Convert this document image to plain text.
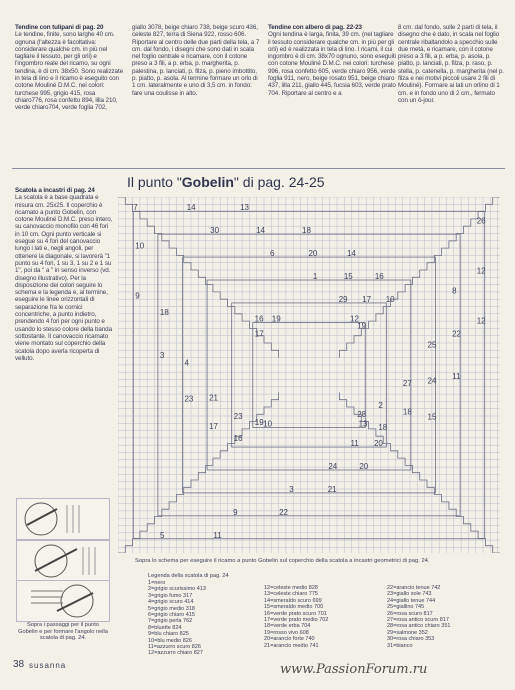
Tendine con tulipani di pag. 20

Le tendine, finite, sono larghe 40 cm. ognuna (l'altezza è facoltativa: considerare qualche cm. in più nel tagliare il tessuto, per gli orli) e l'ingombro reale del ricamo, su ogni tendina, è di cm. 38x50. Sono realizzate in tela di lino e il ricamo è eseguito con cotone Mouliné D.M.C. nei colori: turchese 995, grigio 415, rosa chiaro776, rosa confetto 894, lilla 210, verde chiaro704, verde foglia 702,

giallo 3078, beige chiaro 738, beige scuro 436, celeste 827, terra di Siena 922, rosso 606. Riportare al centro delle due parti della tela, a 7 cm. dal fondo, i disegni che sono dati in scala nel foglio centrale e ricamare, con il cotone preso a 3 fili, a p. erba, p. margherita, p. palestina, p. lanciati, p. filza, p. pieno imbottito, p. piatto, p. asola. Al termine formare un orlo di 1 cm. lateralmente e uno di 3,5 cm. in fondo: fare una coulisse in alto.

Tendine con albero di pag. 22-23

Ogni tendina è larga, finita, 39 cm. (nel tagliare il tessuto considerare qualche cm. in più per gli orli) ed è realizzata in tela di lino. I ricami, il cui ingombro è di cm. 38x70 ognuno, sono eseguiti con cotone Mouliné D.M.C. nei colori: turchese 996, rosa confetto 605, verde chiaro 956, verde foglia 911, nero, beige rosato 951, beige chiaro 437, lilla 211, giallo 445, fucsia 603, verde prato 704. Riportare al centro e a

8 cm. dal fondo, sulle 2 parti di tela, il disegno che è dato, in scala nel foglio centrale ribaltandolo a specchio sulle due metà, e ricamare, con il cotone preso a 3 fili, a p. erba, p. asola, p. piatto, p. lanciati, p. filza, p. raso, p. stella, p. catenella, p. margherita (nel p. filza e nei motivi piccoli usare 2 fili di Mouliné). Formare ai lati un orlino di 1 cm. e in fondo uno di 2 cm., fermato con un ô-jour.

Il punto "Gobelin" di pag. 24-25

Scatola a incastri di pag. 24

La scatola è a base quadrata e misura cm. 25x25. Il coperchio è ricamato a punto Gobelin, con cotone Mouliné D.M.C. preso intero, su canovaccio monofilo con 46 fori in 10 cm. Ogni punto verticale si esegue su 4 fori del canovaccio lungo i lati e, negli angoli, per ottenere la diagonale, si lavorerà "1 punto su 4 fori, 1 su 3, 1 su 2 e 1 su 1", poi da " a " in senso inverso (vd. disegno illustrativo). Per la disposizione dei colori seguire lo schema e la legenda e, al termine, eseguire le linee orizzontali di separazione fra le cornici concentriche, a punto indietro, prendendo 4 fori per ogni punto e usando lo stesso colore della banda sottostante. Il canovaccio ricamato viene montato sul coperchio della scatola dopo averla ricoperta di velluto.

7
30
6
1
29
12
26
8
25
27
2
28
5
9
3
24
11
13
10
18
4
21
23
19
14
14
20
15
17
16
12
22
24
18
18
19
11
22
21
20
20
10
9
3
23
17
16
17
13
18
14
16
10
19	12
11
15
Sopra lo schema per eseguire il ricamo a punto Gobelin sul coperchio della scatola a incastri geometrici di pag. 24.
Legenda della scatola di pag. 24
1=nero
2=grigio scurissimo 413
3=grigio fumo 317
4=grigio scuro 414
5=grigio medio 318
6=grigio chiaro 415
7=grigio perla 762
8=bluette 824
9=blu chiaro 825
10=blu medio 826
11=azzurro scuro 826
12=azzurro chiaro 827
12=celeste medio 828
13=celeste chiaro 775
14=smeraldo scuro 699
15=smeraldo medio 700
16=verde prato scuro 701
17=verde prato medio 702
18=verde erba 704
19=rosso vivo 608
20=arancio forte 740
21=arancio medio 741
22=arancio tenue 742
23=giallo sole 743
24=giallo tenue 744
25=giallino 745
26=rosa scuro 817
27=rosa antico scuro 817
28=rosa antico chiaro 351
29=salmone 352
30=rosa chiaro 353
31=bianco
Sopra i passaggi per il punto Gobelin e per formare l'angolo nella scatola di pag. 24.
38 susanna	www.PassionForum.ru
